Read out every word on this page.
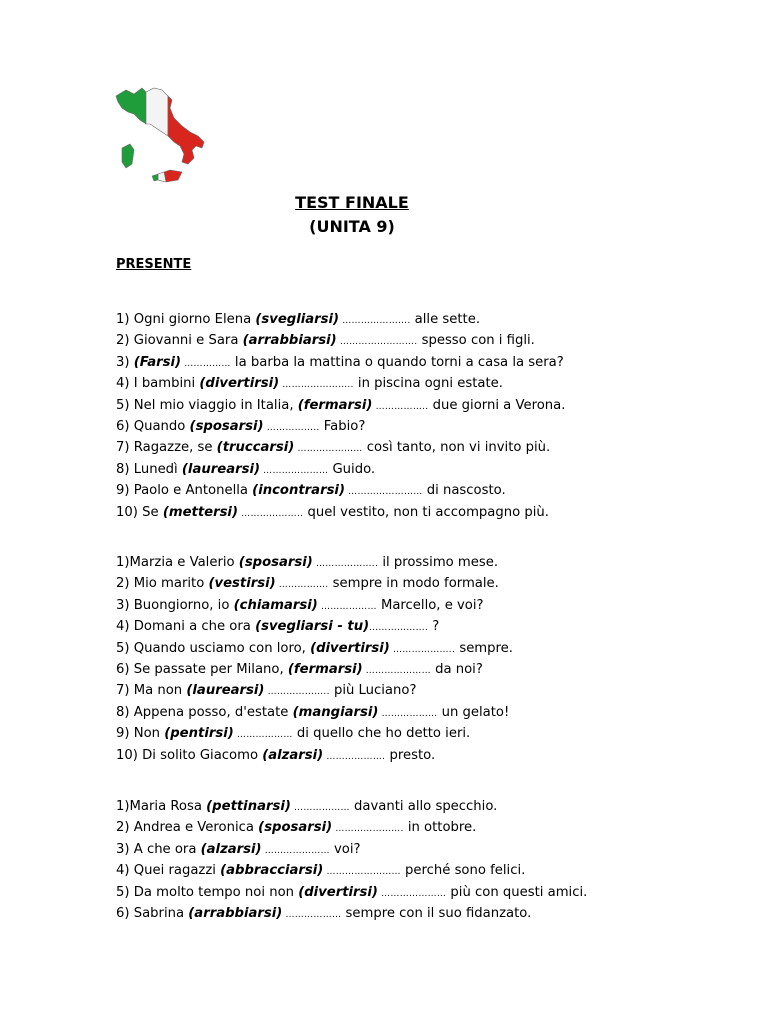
TEST FINALE
(UNITA 9)
PRESENTE
1) Ogni giorno Elena (svegliarsi) …………………. alle sette.
2) Giovanni e Sara (arrabbiarsi) ……………………. spesso con i figli.
3) (Farsi) …………… la barba la mattina o quando torni a casa la sera?
4) I bambini (divertirsi) ………………….. in piscina ogni estate.
5) Nel mio viaggio in Italia, (fermarsi) …………….. due giorni a Verona.
6) Quando (sposarsi) …………….. Fabio?
7) Ragazze, se (truccarsi) ………………… così tanto, non vi invito più.
8) Lunedì (laurearsi) ………………… Guido.
9) Paolo e Antonella (incontrarsi) …………………… di nascosto.
10) Se (mettersi) ……………….. quel vestito, non ti accompagno più.
1)Marzia e Valerio (sposarsi) ……………….. il prossimo mese.
2) Mio marito (vestirsi) ……………. sempre in modo formale.
3) Buongiorno, io (chiamarsi) ……………… Marcello, e voi?
4) Domani a che ora (svegliarsi - tu)………………. ?
5) Quando usciamo con loro, (divertirsi) ……………….. sempre.
6) Se passate per Milano, (fermarsi) ………………… da noi?
7) Ma non (laurearsi) ……………….. più Luciano?
8) Appena posso, d'estate (mangiarsi) ……………… un gelato!
9) Non (pentirsi) ……………… di quello che ho detto ieri.
10) Di solito Giacomo (alzarsi) ………………. presto.
1)Maria Rosa (pettinarsi) ……………… davanti allo specchio.
2) Andrea e Veronica (sposarsi) …………………. in ottobre.
3) A che ora (alzarsi) ………………… voi?
4) Quei ragazzi (abbracciarsi) …………………… perché sono felici.
5) Da molto tempo noi non (divertirsi) ………………… più con questi amici.
6) Sabrina (arrabbiarsi) ……………… sempre con il suo fidanzato.
